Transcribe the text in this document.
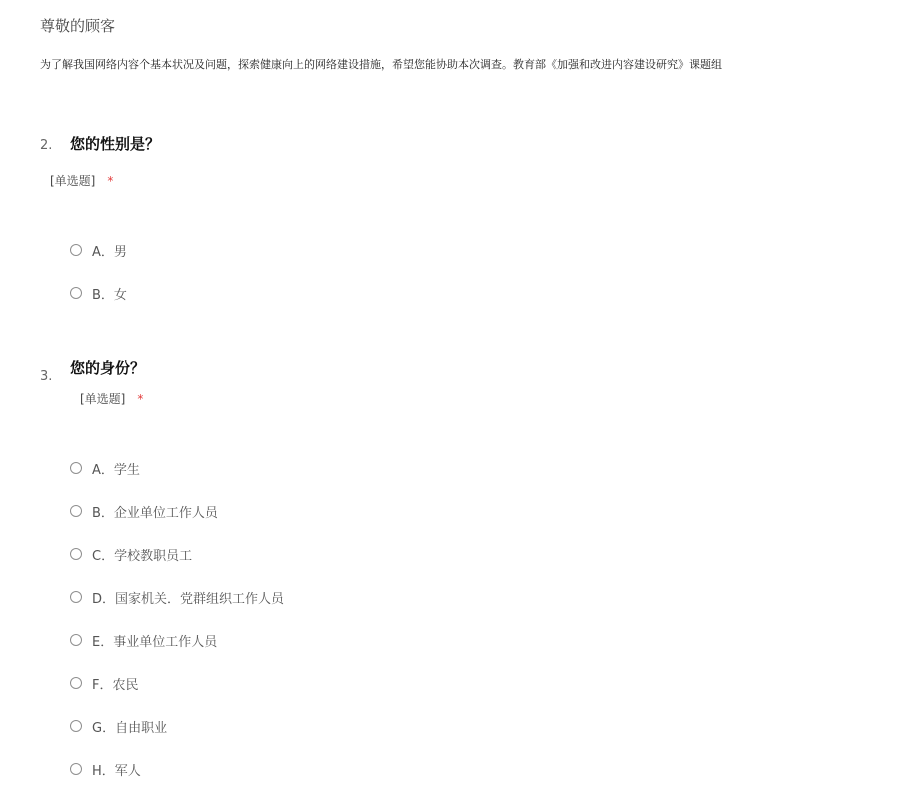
尊敬的顾客
为了解我国网络内容个基本状况及问题，探索健康向上的网络建设措施，希望您能协助本次调查。教育部《加强和改进内容建设研究》课题组
2. 您的性别是？
[单选题] *
A．男
B．女
3. 您的身份？
[单选题] *
A．学生
B．企业单位工作人员
C．学校教职员工
D．国家机关．党群组织工作人员
E．事业单位工作人员
F．农民
G．自由职业
H．军人
